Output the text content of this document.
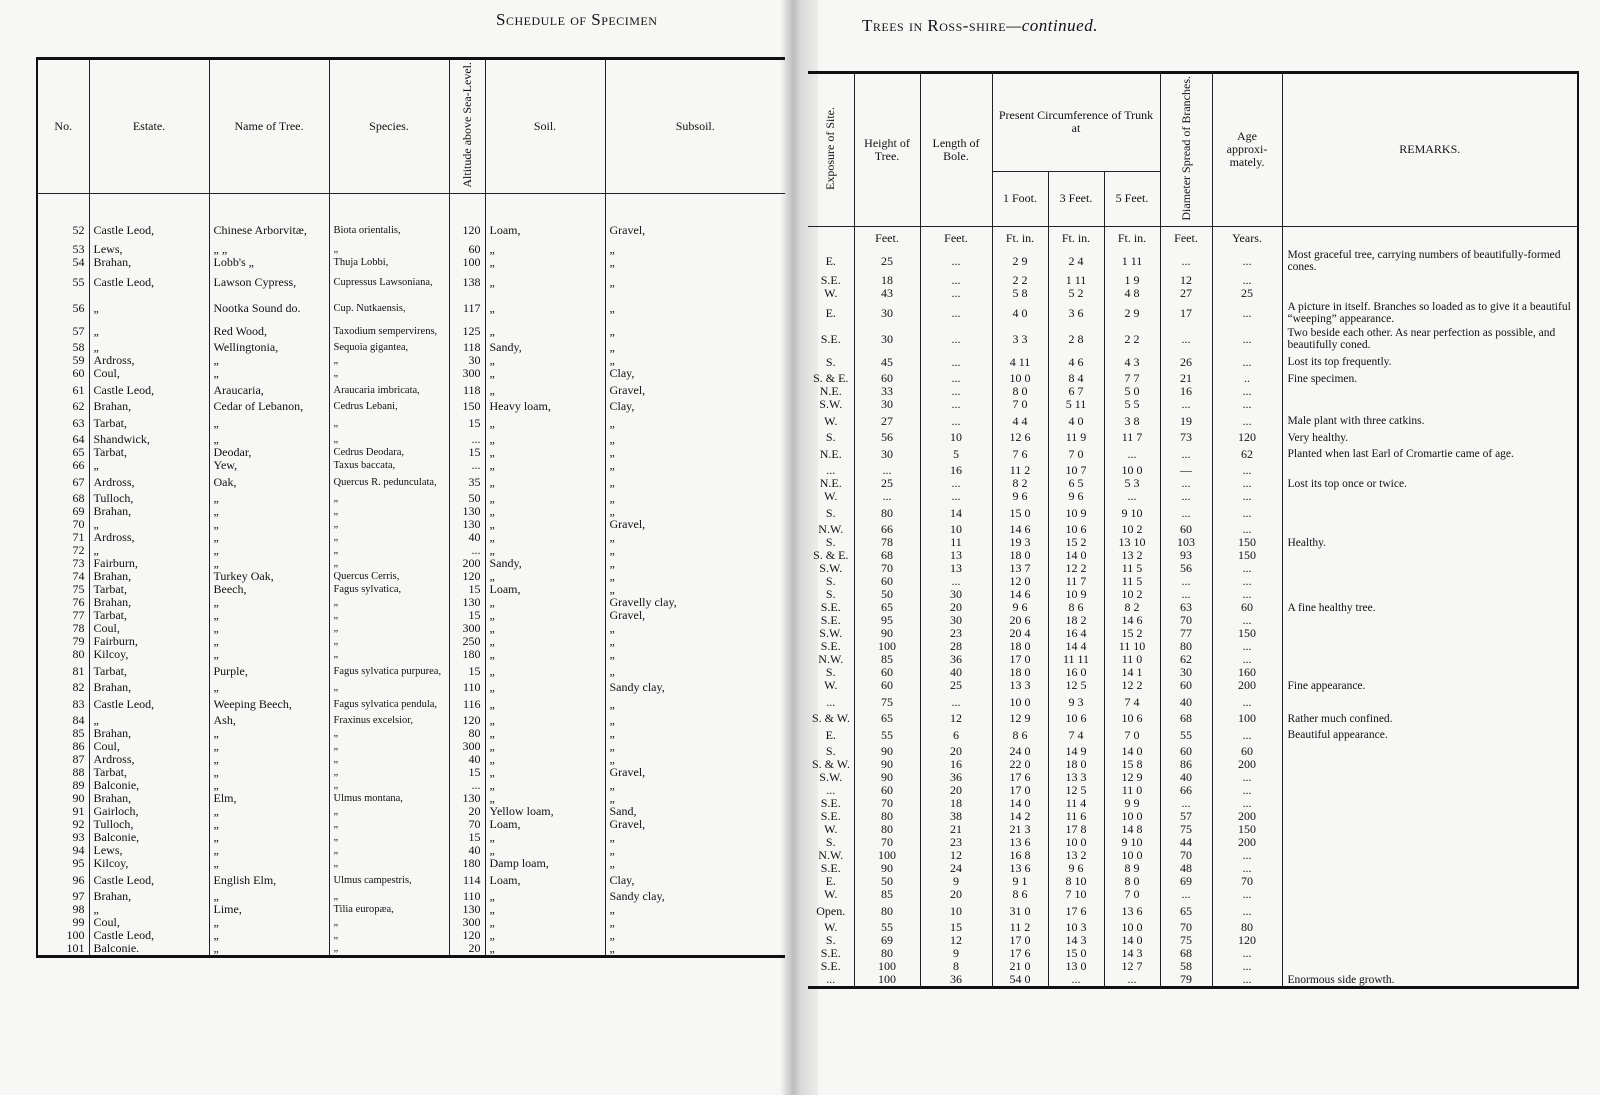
Schedule of Specimen	Trees in Ross-shire—continued.
No.	Estate.	Name of Tree.	Species.	Altitude above Sea-Level.	Soil.	Subsoil.

52	Castle Leod,	Chinese Arborvitæ,	Biota orientalis,	120	Loam,	Gravel,
53	Lews,	„ „	„	60	„	„
54	Brahan,	Lobb's „	Thuja Lobbi,	100	„	„
55	Castle Leod,	Lawson Cypress,	Cupressus Lawsoniana,	138	„	„
56	„	Nootka Sound do.	Cup. Nutkaensis,	117	„	„
57	„	Red Wood,	Taxodium sempervirens,	125	„	„
58	„	Wellingtonia,	Sequoia gigantea,	118	Sandy,	„
59	Ardross,	„	„	30	„	„
60	Coul,	„	„	300	„	Clay,
61	Castle Leod,	Araucaria,	Araucaria imbricata,	118	„	Gravel,
62	Brahan,	Cedar of Lebanon,	Cedrus Lebani,	150	Heavy loam,	Clay,
63	Tarbat,	„	„	15	„	„
64	Shandwick,	„	„	...	„	„
65	Tarbat,	Deodar,	Cedrus Deodara,	15	„	„
66	„	Yew,	Taxus baccata,	...	„	„
67	Ardross,	Oak,	Quercus R. pedunculata,	35	„	„
68	Tulloch,	„	„	50	„	„
69	Brahan,	„	„	130	„	„
70	„	„	„	130	„	Gravel,
71	Ardross,	„	„	40	„	„
72	„	„	„	...	„	„
73	Fairburn,	„	„	200	Sandy,	„
74	Brahan,	Turkey Oak,	Quercus Cerris,	120	„	„
75	Tarbat,	Beech,	Fagus sylvatica,	15	Loam,	„
76	Brahan,	„	„	130	„	Gravelly clay,
77	Tarbat,	„	„	15	„	Gravel,
78	Coul,	„	„	300	„	„
79	Fairburn,	„	„	250	„	„
80	Kilcoy,	„	„	180	„	„
81	Tarbat,	Purple,	Fagus sylvatica purpurea,	15	„	„
82	Brahan,	„	„	110	„	Sandy clay,
83	Castle Leod,	Weeping Beech,	Fagus sylvatica pendula,	116	„	„
84	„	Ash,	Fraxinus excelsior,	120	„	„
85	Brahan,	„	„	80	„	„
86	Coul,	„	„	300	„	„
87	Ardross,	„	„	40	„	„
88	Tarbat,	„	„	15	„	Gravel,
89	Balconie,	„	„	...	„	„
90	Brahan,	Elm,	Ulmus montana,	130	„	„
91	Gairloch,	„	„	20	Yellow loam,	Sand,
92	Tulloch,	„	„	70	Loam,	Gravel,
93	Balconie,	„	„	15	„	„
94	Lews,	„	„	40	„	„
95	Kilcoy,	„	„	180	Damp loam,	„
96	Castle Leod,	English Elm,	Ulmus campestris,	114	Loam,	Clay,
97	Brahan,	„	„	110	„	Sandy clay,
98	„	Lime,	Tilia europæa,	130	„	„
99	Coul,	„	„	300	„	„
100	Castle Leod,	„	„	120	„	„
101	Balconie.	„	„	20	„	„
Exposure of Site.	Height of Tree.	Length of Bole.	Present Circumference of Trunk at			Diameter Spread of Branches.	Age approxi- mately.	REMARKS.
			1 Foot.	3 Feet.	5 Feet.			
	Feet.	Feet.	Ft. in.	Ft. in.	Ft. in.	Feet.	Years.	
E.	25	...	2 9	2 4	1 11	...	...	Most graceful tree, carrying numbers of beautifully-formed cones.
S.E.	18	...	2 2	1 11	1 9	12	...	
W.	43	...	5 8	5 2	4 8	27	25	
E.	30	...	4 0	3 6	2 9	17	...	A picture in itself. Branches so loaded as to give it a beautiful “weeping” appearance.
S.E.	30	...	3 3	2 8	2 2	...	...	Two beside each other. As near perfection as possible, and beautifully coned.
S.	45	...	4 11	4 6	4 3	26	...	Lost its top frequently.
S. & E.	60	...	10 0	8 4	7 7	21	..	Fine specimen.
N.E.	33	...	8 0	6 7	5 0	16	...	
S.W.	30	...	7 0	5 11	5 5	...	...	
W.	27	...	4 4	4 0	3 8	19	...	Male plant with three catkins.
S.	56	10	12 6	11 9	11 7	73	120	Very healthy.
N.E.	30	5	7 6	7 0	...	...	62	Planted when last Earl of Cromartie came of age.
...	...	16	11 2	10 7	10 0	—	...	
N.E.	25	...	8 2	6 5	5 3	...	...	Lost its top once or twice.
W.	...	...	9 6	9 6	...	...	...	
S.	80	14	15 0	10 9	9 10	...	...	
N.W.	66	10	14 6	10 6	10 2	60	...	
S.	78	11	19 3	15 2	13 10	103	150	Healthy.
S. & E.	68	13	18 0	14 0	13 2	93	150	
S.W.	70	13	13 7	12 2	11 5	56	...	
S.	60	...	12 0	11 7	11 5	...	...	
S.	50	30	14 6	10 9	10 2	...	...	
S.E.	65	20	9 6	8 6	8 2	63	60	A fine healthy tree.
S.E.	95	30	20 6	18 2	14 6	70	...	
S.W.	90	23	20 4	16 4	15 2	77	150	
S.E.	100	28	18 0	14 4	11 10	80	...	
N.W.	85	36	17 0	11 11	11 0	62	...	
S.	60	40	18 0	16 0	14 1	30	160	
W.	60	25	13 3	12 5	12 2	60	200	Fine appearance.
...	75	...	10 0	9 3	7 4	40	...	
S. & W.	65	12	12 9	10 6	10 6	68	100	Rather much confined.
E.	55	6	8 6	7 4	7 0	55	...	Beautiful appearance.
S.	90	20	24 0	14 9	14 0	60	60	
S. & W.	90	16	22 0	18 0	15 8	86	200	
S.W.	90	36	17 6	13 3	12 9	40	...	
...	60	20	17 0	12 5	11 0	66	...	
S.E.	70	18	14 0	11 4	9 9	...	...	
S.E.	80	38	14 2	11 6	10 0	57	200	
W.	80	21	21 3	17 8	14 8	75	150	
S.	70	23	13 6	10 0	9 10	44	200	
N.W.	100	12	16 8	13 2	10 0	70	...	
S.E.	90	24	13 6	9 6	8 9	48	...	
E.	50	9	9 1	8 10	8 0	69	70	
W.	85	20	8 6	7 10	7 0	...	...	
Open.	80	10	31 0	17 6	13 6	65	...	
W.	55	15	11 2	10 3	10 0	70	80	
S.	69	12	17 0	14 3	14 0	75	120	
S.E.	80	9	17 6	15 0	14 3	68	...	
S.E.	100	8	21 0	13 0	12 7	58	...	
...	100	36	54 0	...	...	79	...	Enormous side growth.
